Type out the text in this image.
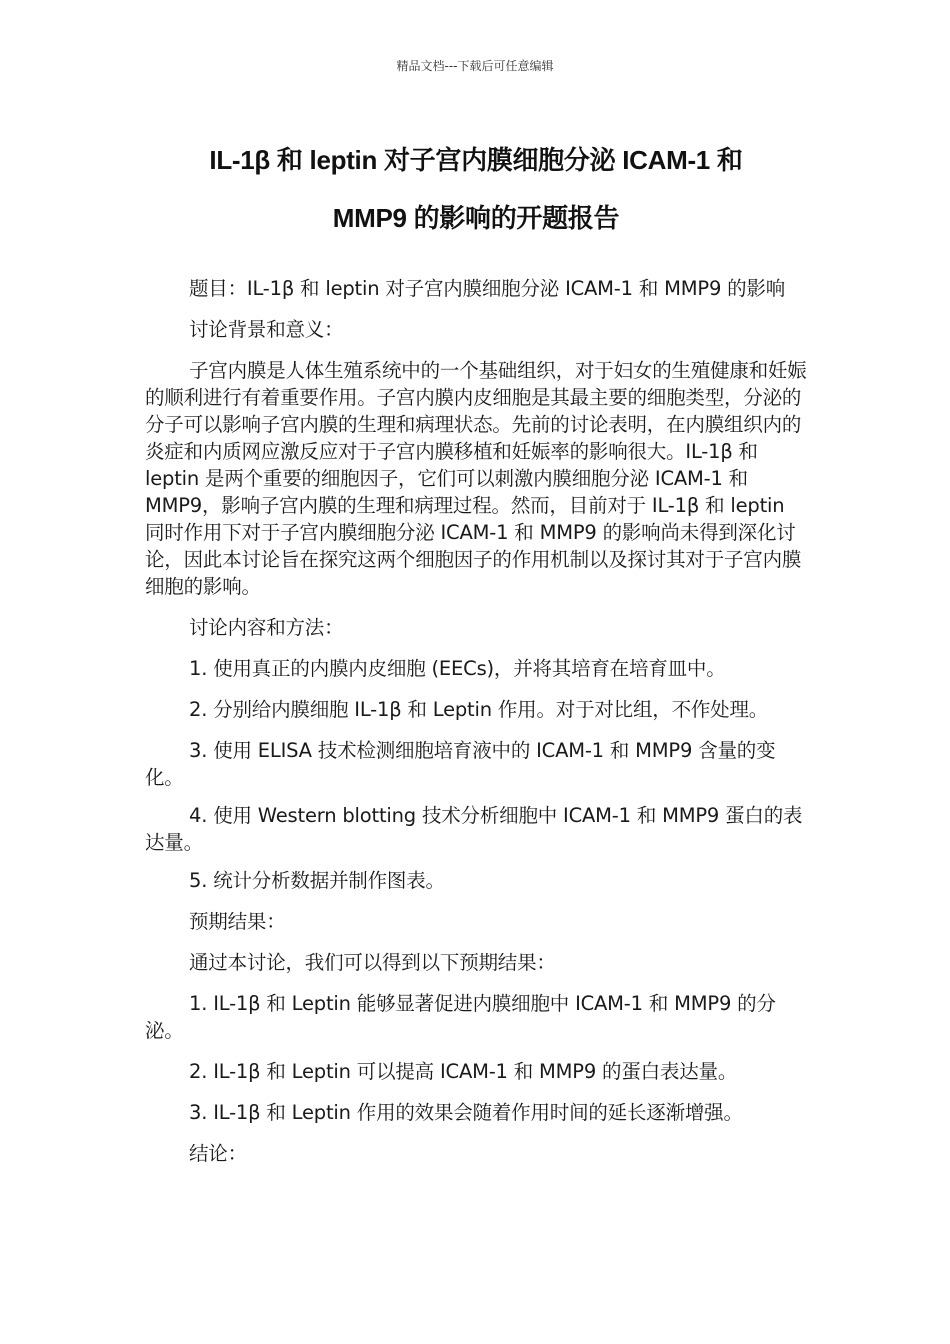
精品文档---下载后可任意编辑
IL-1β 和 leptin 对子宫内膜细胞分泌 ICAM-1 和
MMP9 的影响的开题报告

题目：IL-1β 和 leptin 对子宫内膜细胞分泌 ICAM-1 和 MMP9 的影响

讨论背景和意义：

子宫内膜是人体生殖系统中的一个基础组织，对于妇女的生殖健康和妊娠的顺利进行有着重要作用。子宫内膜内皮细胞是其最主要的细胞类型，分泌的分子可以影响子宫内膜的生理和病理状态。先前的讨论表明，在内膜组织内的炎症和内质网应激反应对于子宫内膜移植和妊娠率的影响很大。IL-1β 和 leptin 是两个重要的细胞因子，它们可以刺激内膜细胞分泌 ICAM-1 和 MMP9，影响子宫内膜的生理和病理过程。然而，目前对于 IL-1β 和 leptin 同时作用下对于子宫内膜细胞分泌 ICAM-1 和 MMP9 的影响尚未得到深化讨论，因此本讨论旨在探究这两个细胞因子的作用机制以及探讨其对于子宫内膜细胞的影响。

讨论内容和方法：

1. 使用真正的内膜内皮细胞 (EECs)，并将其培育在培育皿中。

2. 分别给内膜细胞 IL-1β 和 Leptin 作用。对于对比组，不作处理。

3. 使用 ELISA 技术检测细胞培育液中的 ICAM-1 和 MMP9 含量的变化。

4. 使用 Western blotting 技术分析细胞中 ICAM-1 和 MMP9 蛋白的表达量。

5. 统计分析数据并制作图表。

预期结果：

通过本讨论，我们可以得到以下预期结果：

1. IL-1β 和 Leptin 能够显著促进内膜细胞中 ICAM-1 和 MMP9 的分泌。

2. IL-1β 和 Leptin 可以提高 ICAM-1 和 MMP9 的蛋白表达量。

3. IL-1β 和 Leptin 作用的效果会随着作用时间的延长逐渐增强。

结论：
